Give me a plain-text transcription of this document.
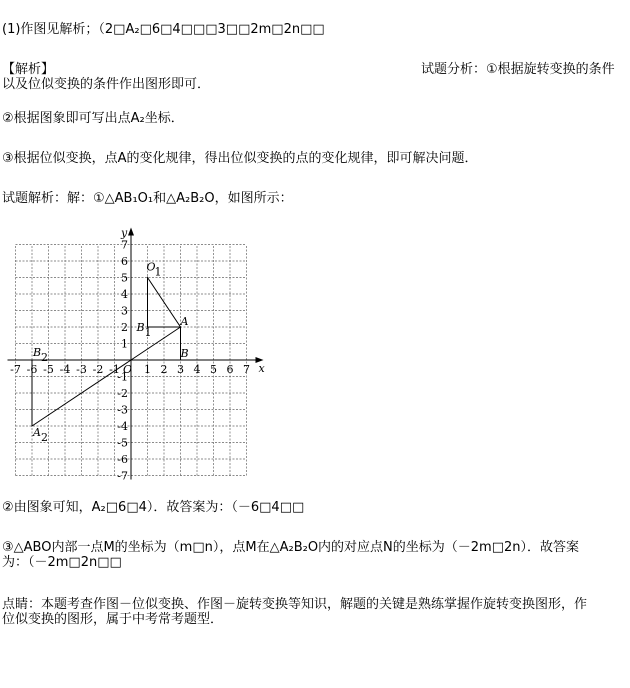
(1)作图见解析；（2□A₂□6□4□□□3□□2m□2n□□
【解析】	试题分析：①根据旋转变换的条件
以及位似变换的条件作出图形即可．
②根据图象即可写出点A₂坐标．
③根据位似变换，点A的变化规律，得出位似变换的点的变化规律，即可解决问题．
试题解析：解：①△AB₁O₁和△A₂B₂O，如图所示：
-7 -6 -5 -4 -3 -2 -1 1 2 3 4 5 6 7
7
6
5
4
3
2
1
-1
-2
-3
-4
-5
-6
-7
O	x
y
O
1
B 1
A
B
B 2
A 2
②由图象可知，A₂□6□4）．故答案为：（－6□4□□
③△ABO内部一点M的坐标为（m□n），点M在△A₂B₂O内的对应点N的坐标为（－2m□2n）．故答案
为：（－2m□2n□□
点睛：本题考查作图－位似变换、作图－旋转变换等知识，解题的关键是熟练掌握作旋转变换图形，作
位似变换的图形，属于中考常考题型．
